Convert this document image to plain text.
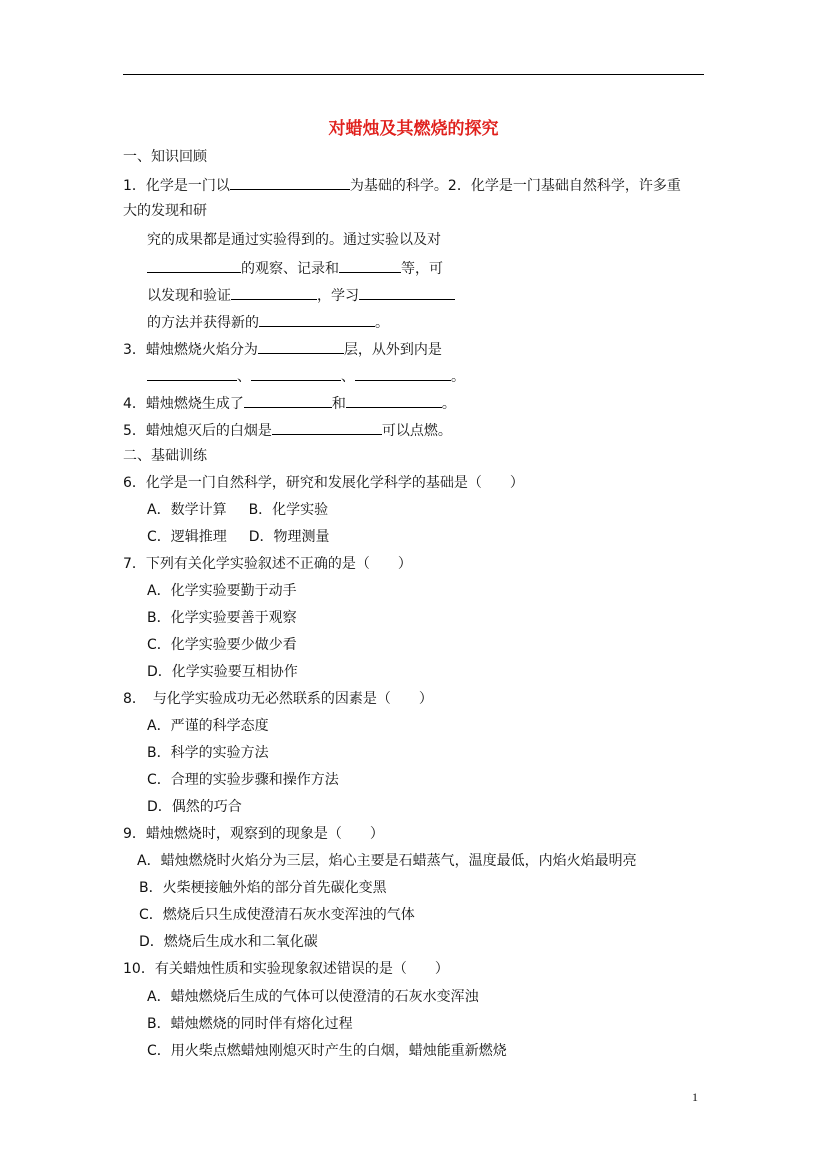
对蜡烛及其燃烧的探究
一、知识回顾
1．化学是一门以	为基础的科学。2．化学是一门基础自然科学，许多重
大的发现和研
究的成果都是通过实验得到的。通过实验以及对
的观察、记录和	等，可
以发现和验证	，学习
的方法并获得新的	。
3．蜡烛燃烧火焰分为	层，从外到内是
、	、	。
4．蜡烛燃烧生成了	和	。
5．蜡烛熄灭后的白烟是	可以点燃。
二、基础训练
6．化学是一门自然科学，研究和发展化学科学的基础是（　　）
A．数学计算 B．化学实验
C．逻辑推理 D．物理测量
7．下列有关化学实验叙述不正确的是（　　）
A．化学实验要勤于动手
B．化学实验要善于观察
C．化学实验要少做少看
D．化学实验要互相协作
8．　与化学实验成功无必然联系的因素是（　　）
A．严谨的科学态度
B．科学的实验方法
C．合理的实验步骤和操作方法
D．偶然的巧合
9．蜡烛燃烧时，观察到的现象是（　　）
A．蜡烛燃烧时火焰分为三层，焰心主要是石蜡蒸气，温度最低，内焰火焰最明亮
B．火柴梗接触外焰的部分首先碳化变黑
C．燃烧后只生成使澄清石灰水变浑浊的气体
D．燃烧后生成水和二氧化碳
10．有关蜡烛性质和实验现象叙述错误的是（　　）
A．蜡烛燃烧后生成的气体可以使澄清的石灰水变浑浊
B．蜡烛燃烧的同时伴有熔化过程
C．用火柴点燃蜡烛刚熄灭时产生的白烟，蜡烛能重新燃烧
1
